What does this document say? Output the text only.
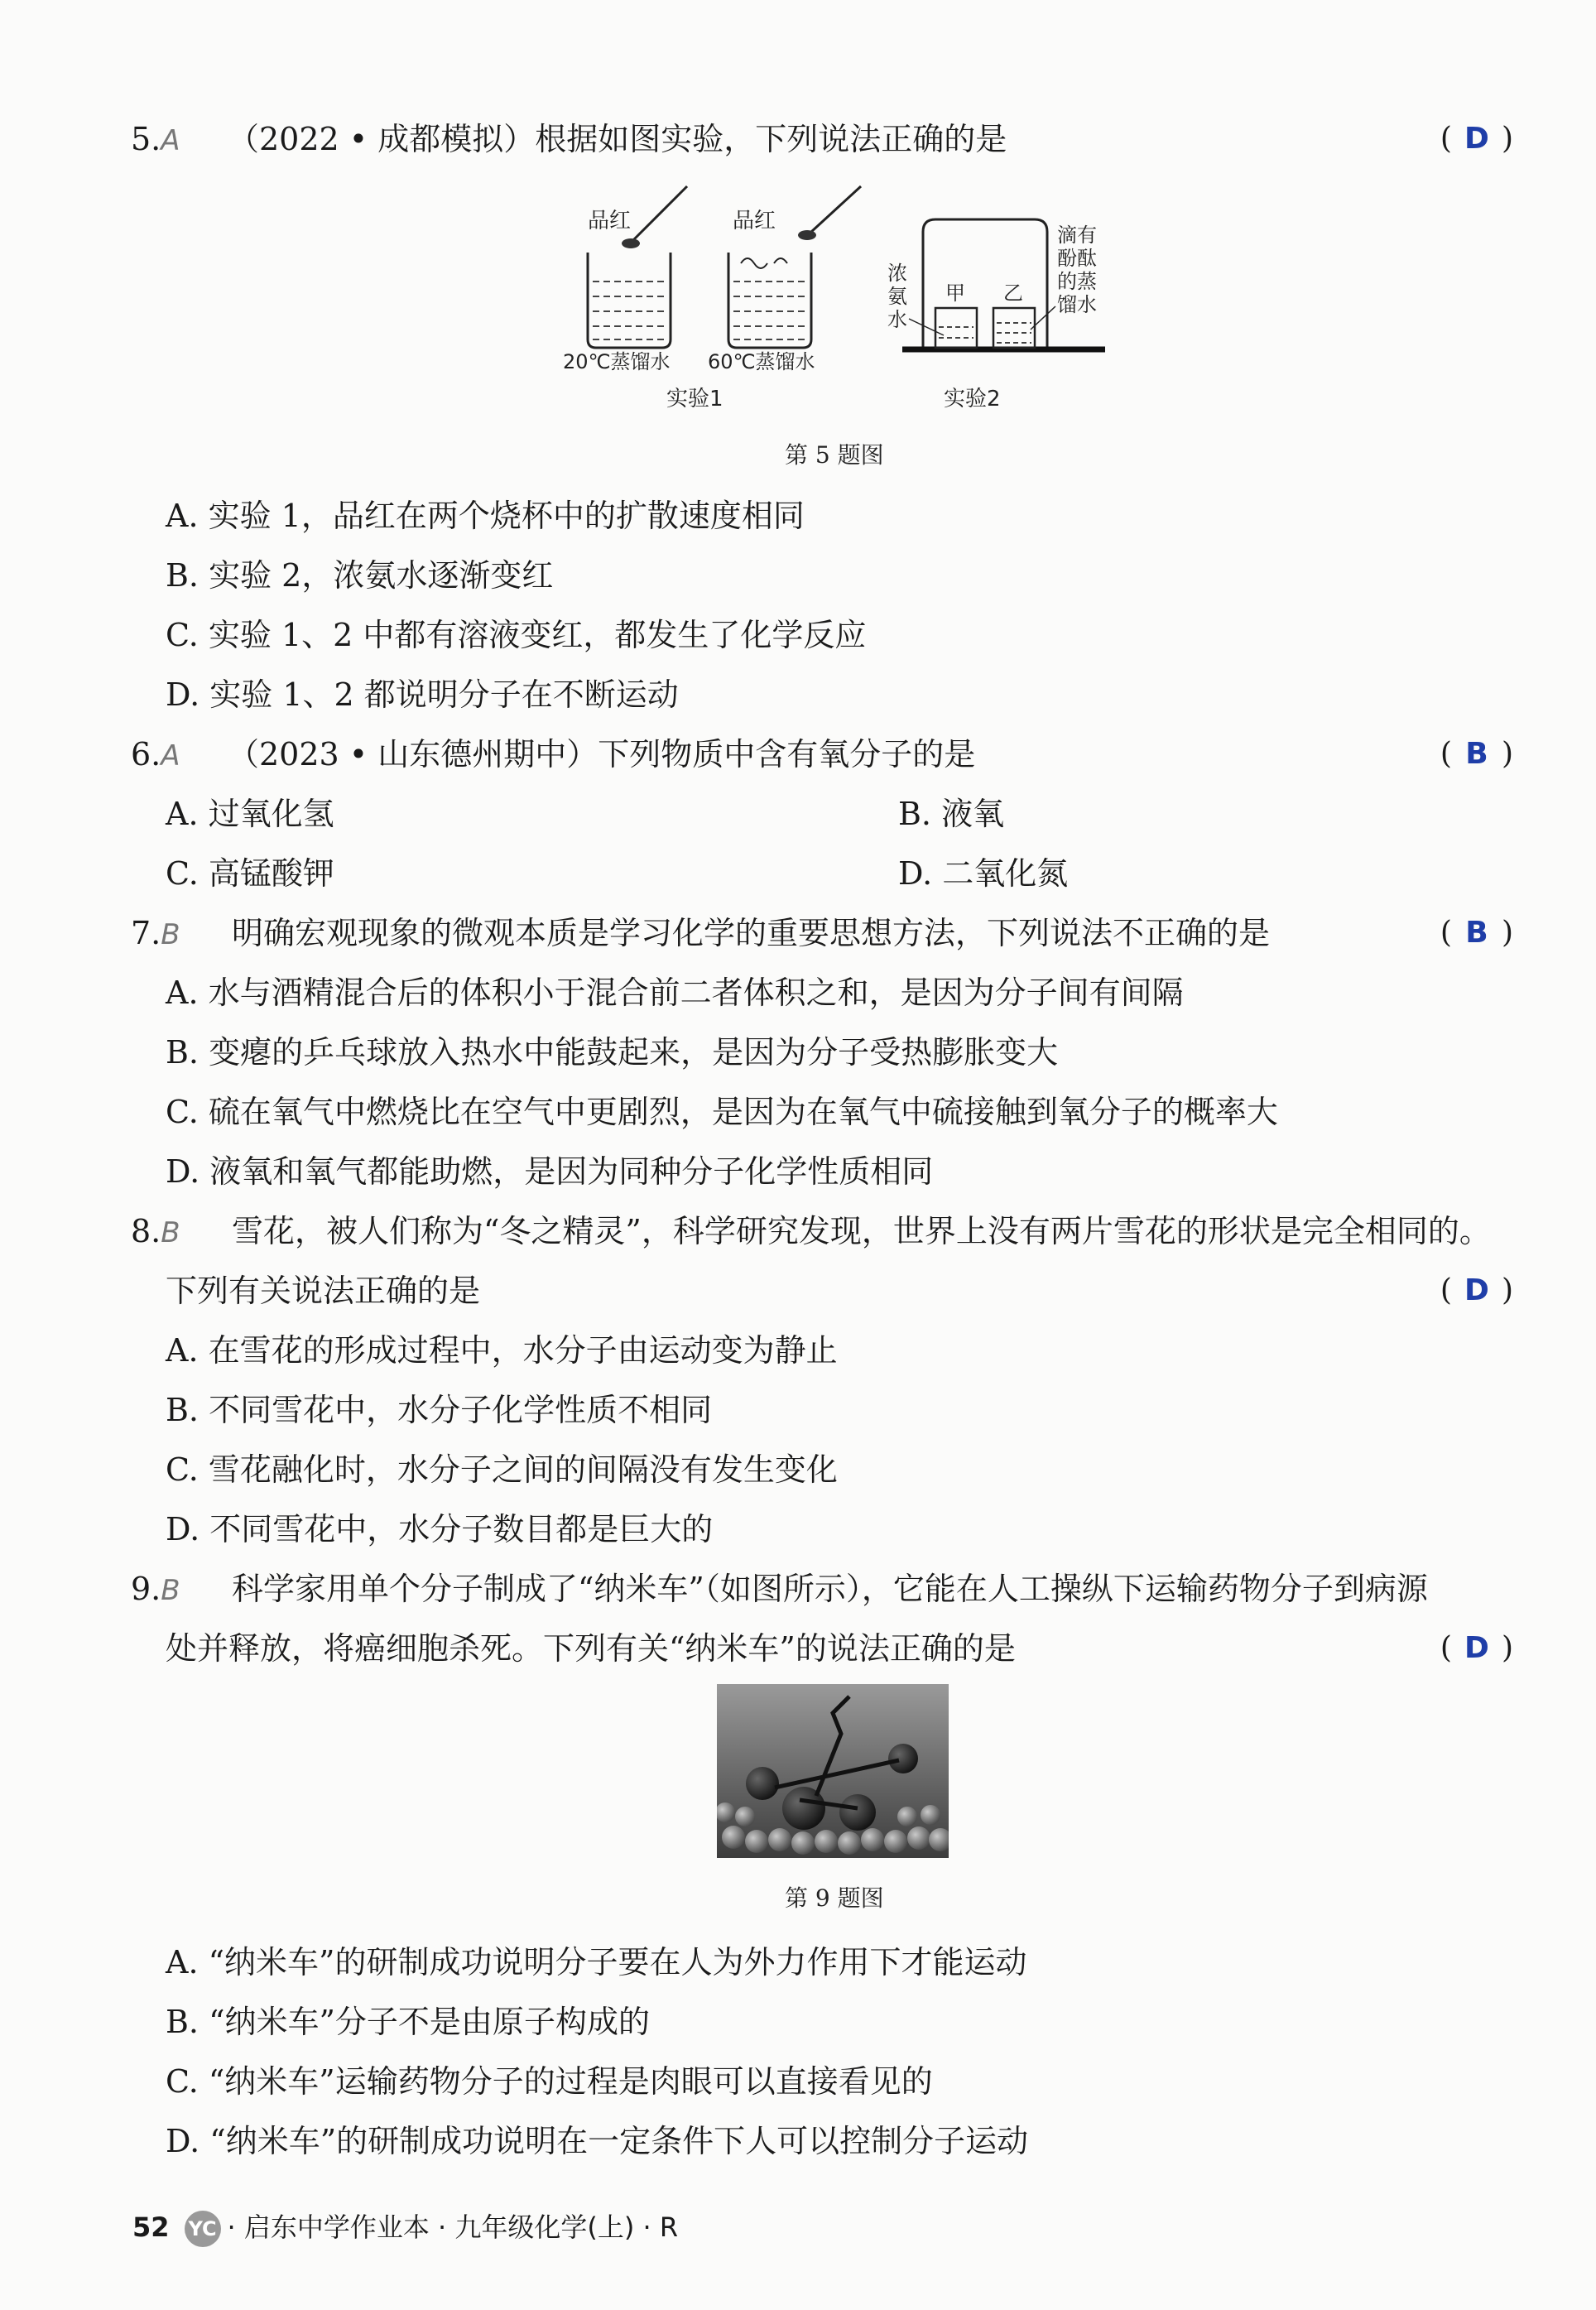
5.A （2022 • 成都模拟）根据如图实验，下列说法正确的是	( D )
品红
20℃蒸馏水
品红
60℃蒸馏水
实验1
甲 乙
浓
氨
水
滴有
酚酞
的蒸
馏水
实验2
第 5 题图
A. 实验 1，品红在两个烧杯中的扩散速度相同
B. 实验 2，浓氨水逐渐变红
C. 实验 1、2 中都有溶液变红，都发生了化学反应
D. 实验 1、2 都说明分子在不断运动
6.A （2023 • 山东德州期中）下列物质中含有氧分子的是	( B )
A. 过氧化氢	B. 液氧
C. 高锰酸钾	D. 二氧化氮
7.B 明确宏观现象的微观本质是学习化学的重要思想方法，下列说法不正确的是	( B )
A. 水与酒精混合后的体积小于混合前二者体积之和，是因为分子间有间隔
B. 变瘪的乒乓球放入热水中能鼓起来，是因为分子受热膨胀变大
C. 硫在氧气中燃烧比在空气中更剧烈，是因为在氧气中硫接触到氧分子的概率大
D. 液氧和氧气都能助燃，是因为同种分子化学性质相同
8.B 雪花，被人们称为“冬之精灵”，科学研究发现，世界上没有两片雪花的形状是完全相同的。
下列有关说法正确的是	( D )
A. 在雪花的形成过程中，水分子由运动变为静止
B. 不同雪花中，水分子化学性质不相同
C. 雪花融化时，水分子之间的间隔没有发生变化
D. 不同雪花中，水分子数目都是巨大的
9.B 科学家用单个分子制成了“纳米车”（如图所示），它能在人工操纵下运输药物分子到病源
处并释放，将癌细胞杀死。下列有关“纳米车”的说法正确的是	( D )
第 9 题图
A. “纳米车”的研制成功说明分子要在人为外力作用下才能运动
B. “纳米车”分子不是由原子构成的
C. “纳米车”运输药物分子的过程是肉眼可以直接看见的
D. “纳米车”的研制成功说明在一定条件下人可以控制分子运动
52 YC · 启东中学作业本 · 九年级化学(上) · R
